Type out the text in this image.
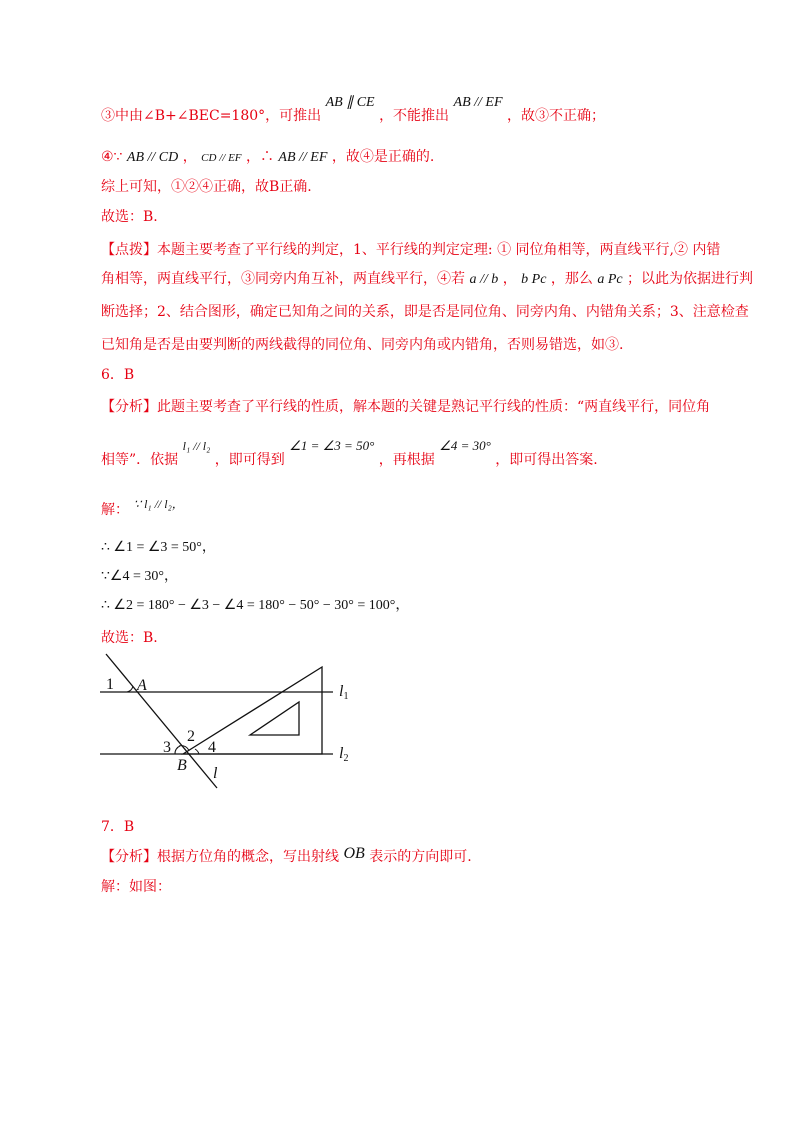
③中由∠B+∠BEC=180°，可推出 AB ∥ CE ，不能推出 AB // EF ，故③不正确；
④∵ AB // CD ， CD // EF ，∴ AB // EF ，故④是正确的.
综上可知，①②④正确，故B正确.
故选：B.
【点拨】本题主要考查了平行线的判定，1、平行线的判定定理: ① 同位角相等，两直线平行,② 内错
角相等，两直线平行，③同旁内角互补，两直线平行，④若 a // b ， b Pc ，那么 a Pc ；以此为依据进行判
断选择；2、结合图形，确定已知角之间的关系，即是否是同位角、同旁内角、内错角关系；3、注意检查
已知角是否是由要判断的两线截得的同位角、同旁内角或内错角，否则易错选，如③.
6．B
【分析】此题主要考查了平行线的性质，解本题的关键是熟记平行线的性质：“两直线平行，同位角
相等”．依据 l₁ // l₂ ，即可得到 ∠1 = ∠3 = 50° ，再根据 ∠4 = 30° ，即可得出答案.
解： ∵ l₁ // l₂，
∴ ∠1 = ∠3 = 50°，
∵∠4 = 30°，
∴ ∠2 = 180° − ∠3 − ∠4 = 180° − 50° − 30° = 100°，
故选：B.
1 A
2
3 4
B l
l1
l2
7．B
【分析】根据方位角的概念，写出射线 OB 表示的方向即可.
解：如图：
